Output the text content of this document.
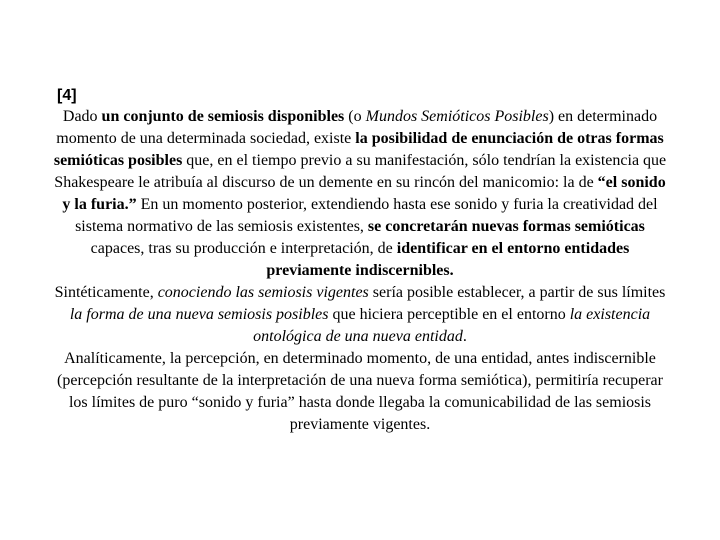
[4]

Dado un conjunto de semiosis disponibles (o Mundos Semióticos Posibles) en determinado momento de una determinada sociedad, existe la posibilidad de enunciación de otras formas semióticas posibles que, en el tiempo previo a su manifestación, sólo tendrían la existencia que Shakespeare le atribuía al discurso de un demente en su rincón del manicomio: la de “el sonido y la furia.” En un momento posterior, extendiendo hasta ese sonido y furia la creatividad del sistema normativo de las semiosis existentes, se concretarán nuevas formas semióticas capaces, tras su producción e interpretación, de identificar en el entorno entidades previamente indiscernibles.

Sintéticamente, conociendo las semiosis vigentes sería posible establecer, a partir de sus límites la forma de una nueva semiosis posibles que hiciera perceptible en el entorno la existencia ontológica de una nueva entidad.

Analíticamente, la percepción, en determinado momento, de una entidad, antes indiscernible (percepción resultante de la interpretación de una nueva forma semiótica), permitiría recuperar los límites de puro “sonido y furia” hasta donde llegaba la comunicabilidad de las semiosis previamente vigentes.
